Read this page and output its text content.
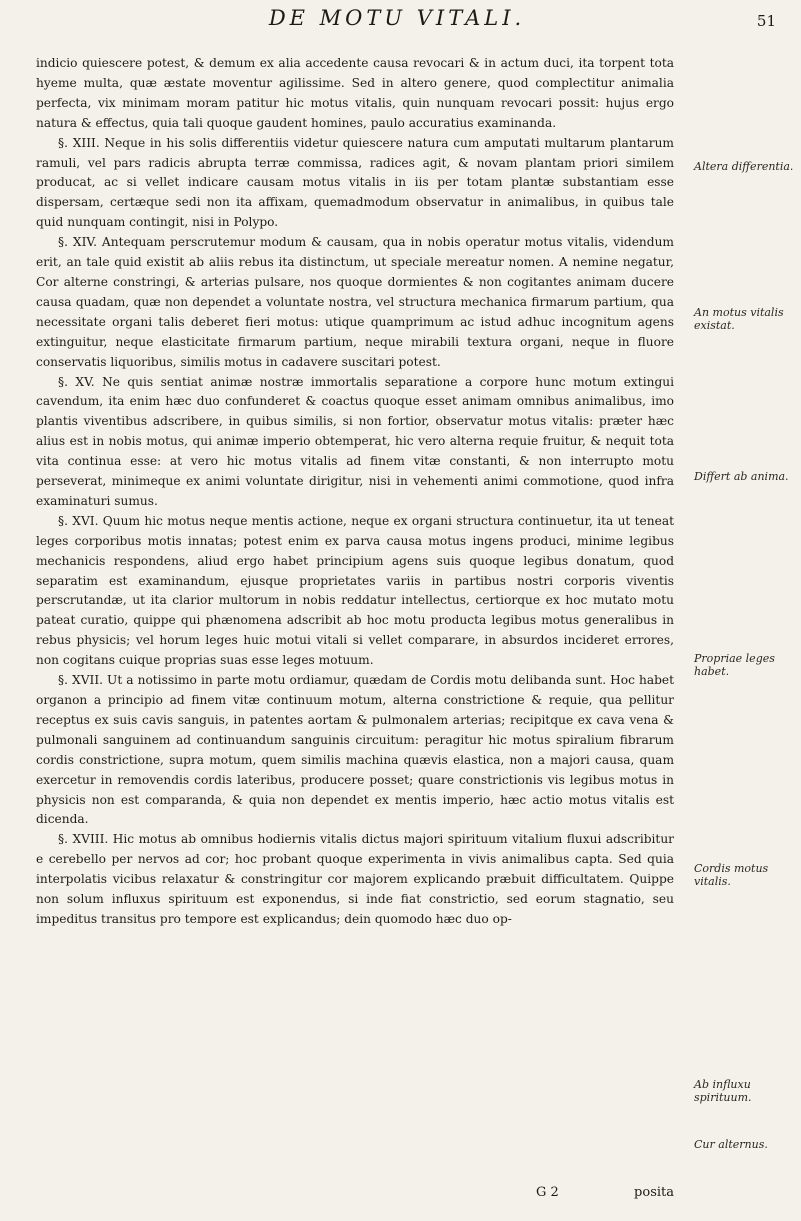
DE MOTU VITALI.	51

indicio quiescere potest, & demum ex alia accedente causa revocari & in actum duci, ita torpent tota hyeme multa, quæ æstate moventur agilissime. Sed in altero genere, quod complectitur animalia perfecta, vix minimam moram patitur hic motus vitalis, quin nunquam revocari possit: hujus ergo natura & effectus, quia tali quoque gaudent homines, paulo accuratius examinanda.

§. XIII. Neque in his solis differentiis videtur quiescere natura cum amputati multarum plantarum ramuli, vel pars radicis abrupta terræ commissa, radices agit, & novam plantam priori similem producat, ac si vellet indicare causam motus vitalis in iis per totam plantæ substantiam esse dispersam, certæque sedi non ita affixam, quemadmodum observatur in animalibus, in quibus tale quid nunquam contingit, nisi in Polypo.

§. XIV. Antequam perscrutemur modum & causam, qua in nobis operatur motus vitalis, videndum erit, an tale quid existit ab aliis rebus ita distinctum, ut speciale mereatur nomen. A nemine negatur, Cor alterne constringi, & arterias pulsare, nos quoque dormientes & non cogitantes animam ducere causa quadam, quæ non dependet a voluntate nostra, vel structura mechanica firmarum partium, qua necessitate organi talis deberet fieri motus: utique quamprimum ac istud adhuc incognitum agens extinguitur, neque elasticitate firmarum partium, neque mirabili textura organi, neque in fluore conservatis liquoribus, similis motus in cadavere suscitari potest.

§. XV. Ne quis sentiat animæ nostræ immortalis separatione a corpore hunc motum extingui cavendum, ita enim hæc duo confunderet & coactus quoque esset animam omnibus animalibus, imo plantis viventibus adscribere, in quibus similis, si non fortior, observatur motus vitalis: præter hæc alius est in nobis motus, qui animæ imperio obtemperat, hic vero alterna requie fruitur, & nequit tota vita continua esse: at vero hic motus vitalis ad finem vitæ constanti, & non interrupto motu perseverat, minimeque ex animi voluntate dirigitur, nisi in vehementi animi commotione, quod infra examinaturi sumus.

§. XVI. Quum hic motus neque mentis actione, neque ex organi structura continuetur, ita ut teneat leges corporibus motis innatas; potest enim ex parva causa motus ingens produci, minime legibus mechanicis respondens, aliud ergo habet principium agens suis quoque legibus donatum, quod separatim est examinandum, ejusque proprietates variis in partibus nostri corporis viventis perscrutandæ, ut ita clarior multorum in nobis reddatur intellectus, certiorque ex hoc mutato motu pateat curatio, quippe qui phænomena adscribit ab hoc motu producta legibus motus generalibus in rebus physicis; vel horum leges huic motui vitali si vellet comparare, in absurdos incideret errores, non cogitans cuique proprias suas esse leges motuum.

§. XVII. Ut a notissimo in parte motu ordiamur, quædam de Cordis motu delibanda sunt. Hoc habet organon a principio ad finem vitæ continuum motum, alterna constrictione & requie, qua pellitur receptus ex suis cavis sanguis, in patentes aortam & pulmonalem arterias; recipitque ex cava vena & pulmonali sanguinem ad continuandum sanguinis circuitum: peragitur hic motus spiralium fibrarum cordis constrictione, supra motum, quem similis machina quævis elastica, non a majori causa, quam exercetur in removendis cordis lateribus, producere posset; quare constrictionis vis legibus motus in physicis non est comparanda, & quia non dependet ex mentis imperio, hæc actio motus vitalis est dicenda.

§. XVIII. Hic motus ab omnibus hodiernis vitalis dictus majori spirituum vitalium fluxui adscribitur e cerebello per nervos ad cor; hoc probant quoque experimenta in vivis animalibus capta. Sed quia interpolatis vicibus relaxatur & constringitur cor majorem explicando præbuit difficultatem. Quippe non solum influxus spirituum est exponendus, si inde fiat constrictio, sed eorum stagnatio, seu impeditus transitus pro tempore est explicandus; dein quomodo hæc duo op-

Altera differentia.
An motus vitalis existat.
Differt ab anima.
Propriae leges habet.
Cordis motus vitalis.
Ab influxu spirituum.
Cur alternus.
G 2	posita
